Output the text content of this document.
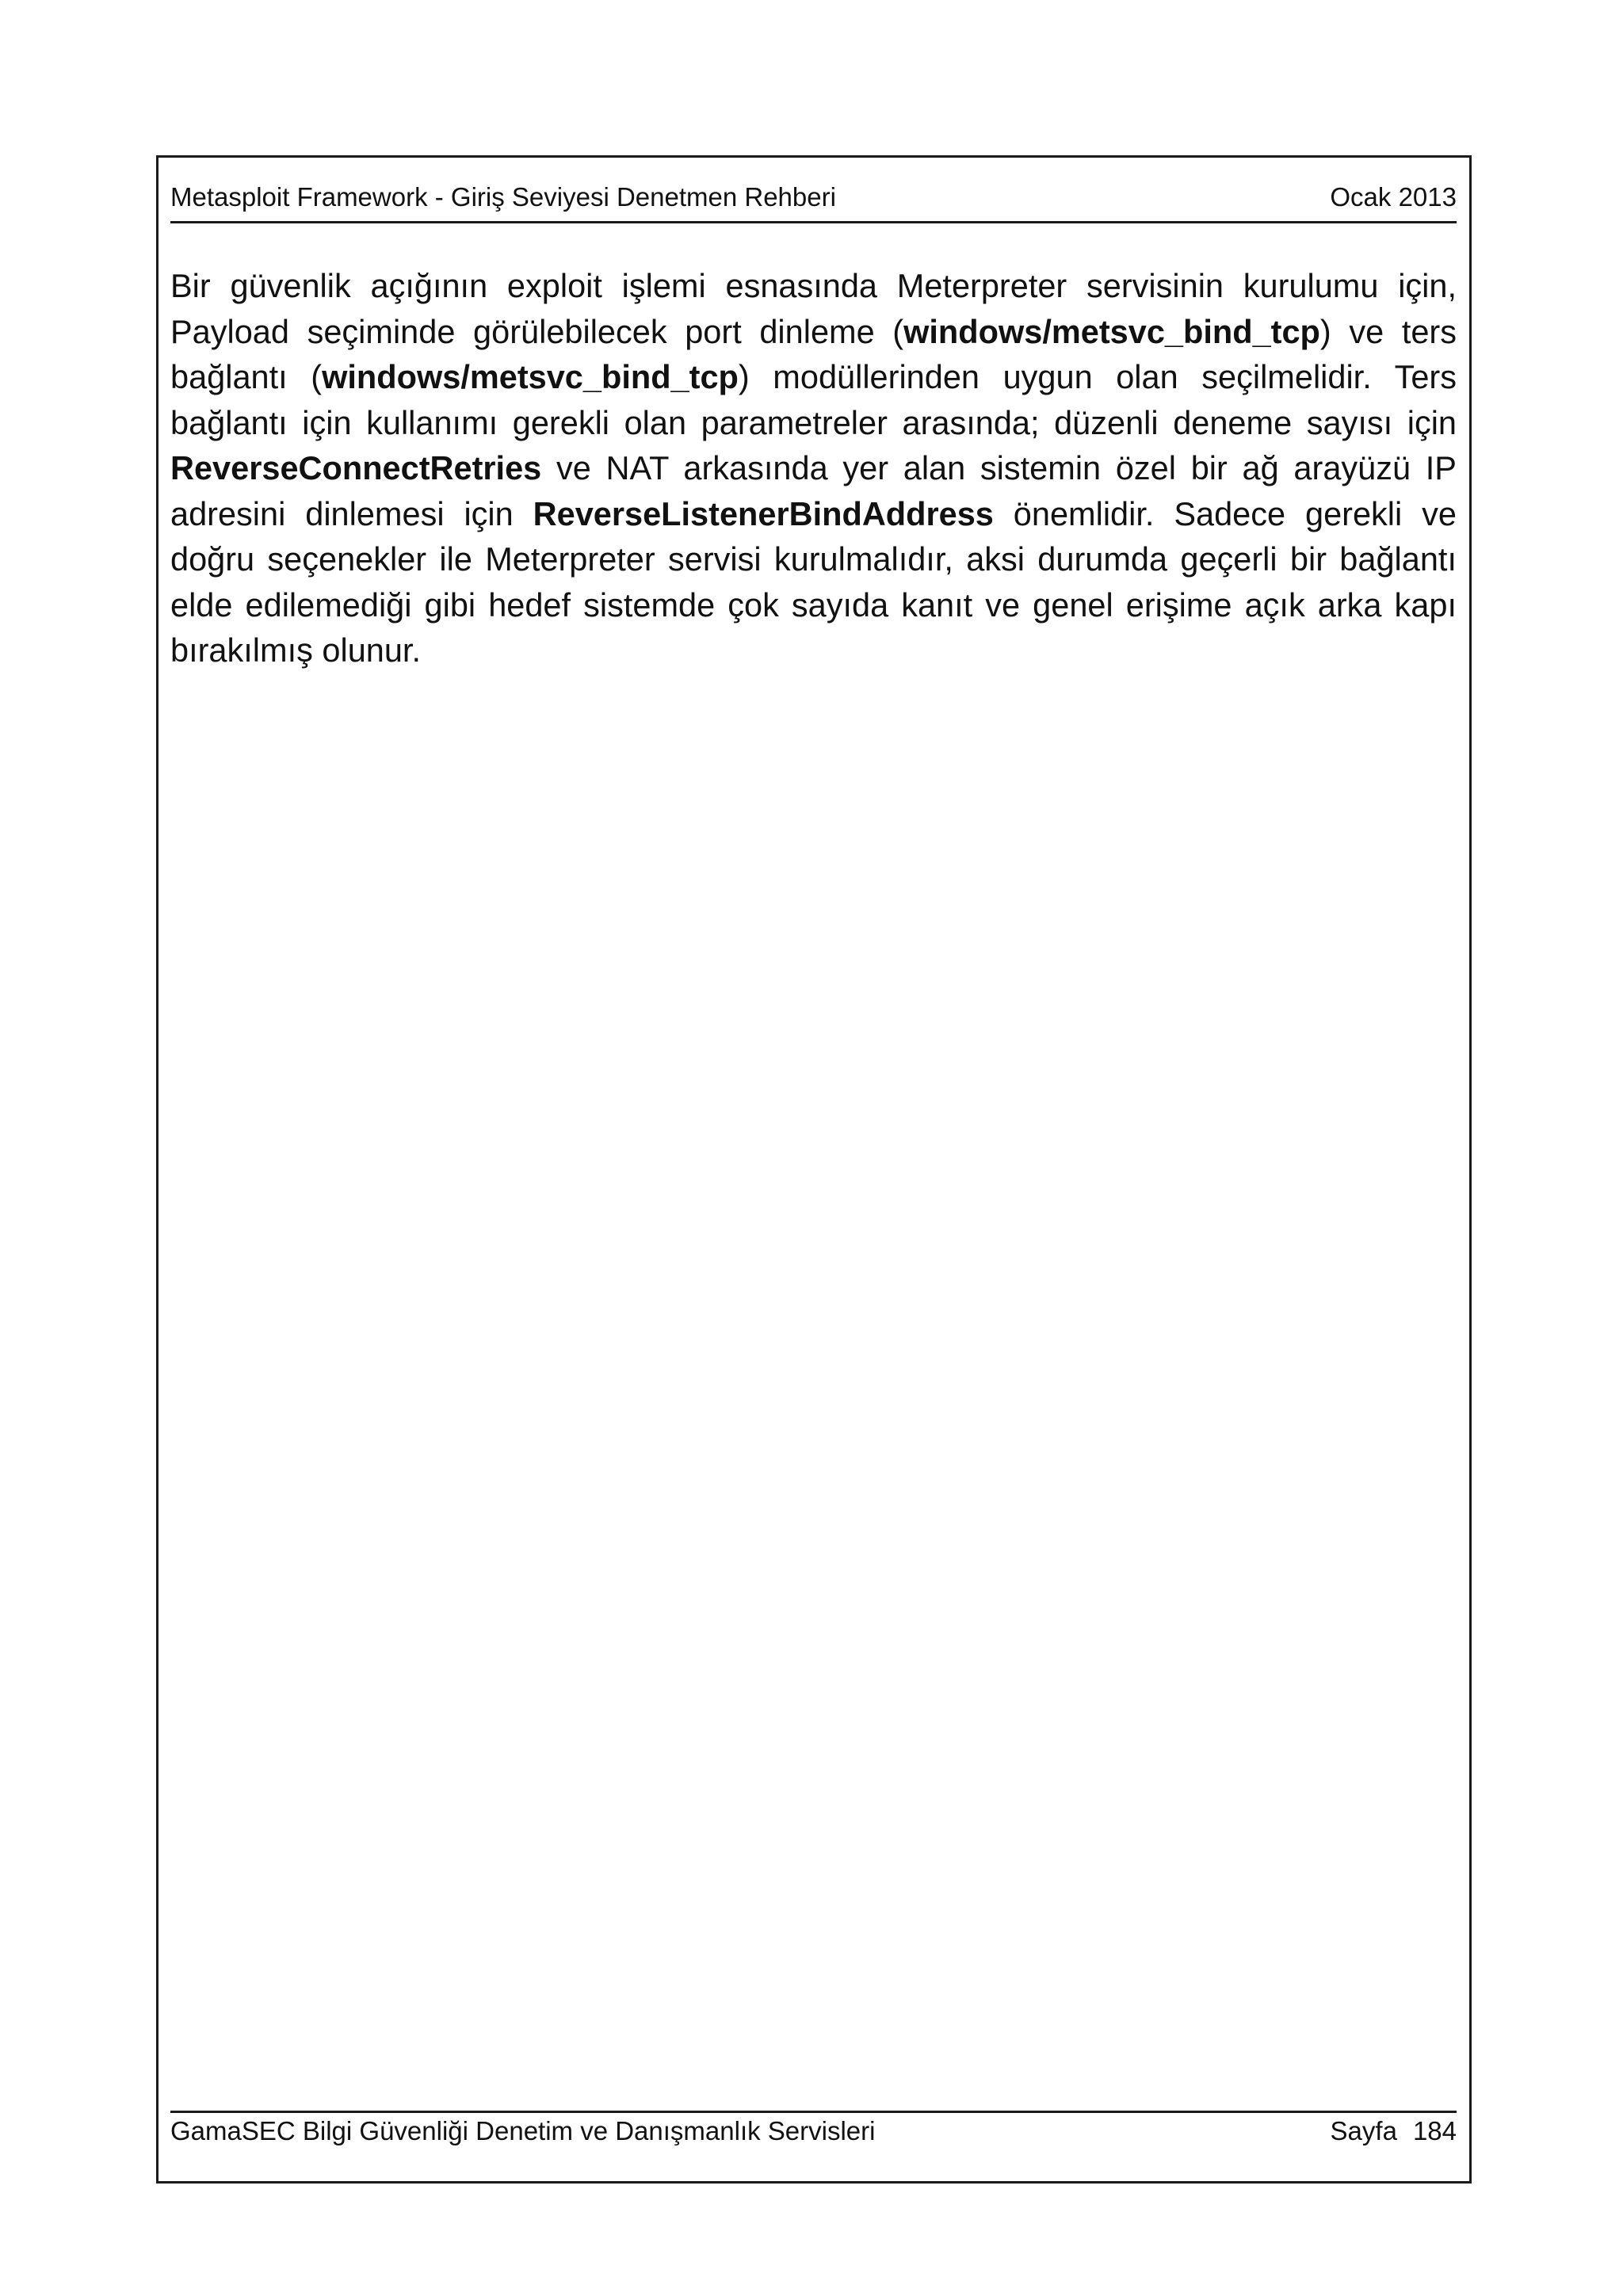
Metasploit Framework - Giriş Seviyesi Denetmen Rehberi	Ocak 2013

Bir güvenlik açığının exploit işlemi esnasında Meterpreter servisinin kurulumu için, Payload seçiminde görülebilecek port dinleme (windows/metsvc_bind_tcp) ve ters bağlantı (windows/metsvc_bind_tcp) modüllerinden uygun olan seçilmelidir. Ters bağlantı için kullanımı gerekli olan parametreler arasında; düzenli deneme sayısı için ReverseConnectRetries ve NAT arkasında yer alan sistemin özel bir ağ arayüzü IP adresini dinlemesi için ReverseListenerBindAddress önemlidir. Sadece gerekli ve doğru seçenekler ile Meterpreter servisi kurulmalıdır, aksi durumda geçerli bir bağlantı elde edilemediği gibi hedef sistemde çok sayıda kanıt ve genel erişime açık arka kapı bırakılmış olunur.

GamaSEC Bilgi Güvenliği Denetim ve Danışmanlık Servisleri	Sayfa 184
